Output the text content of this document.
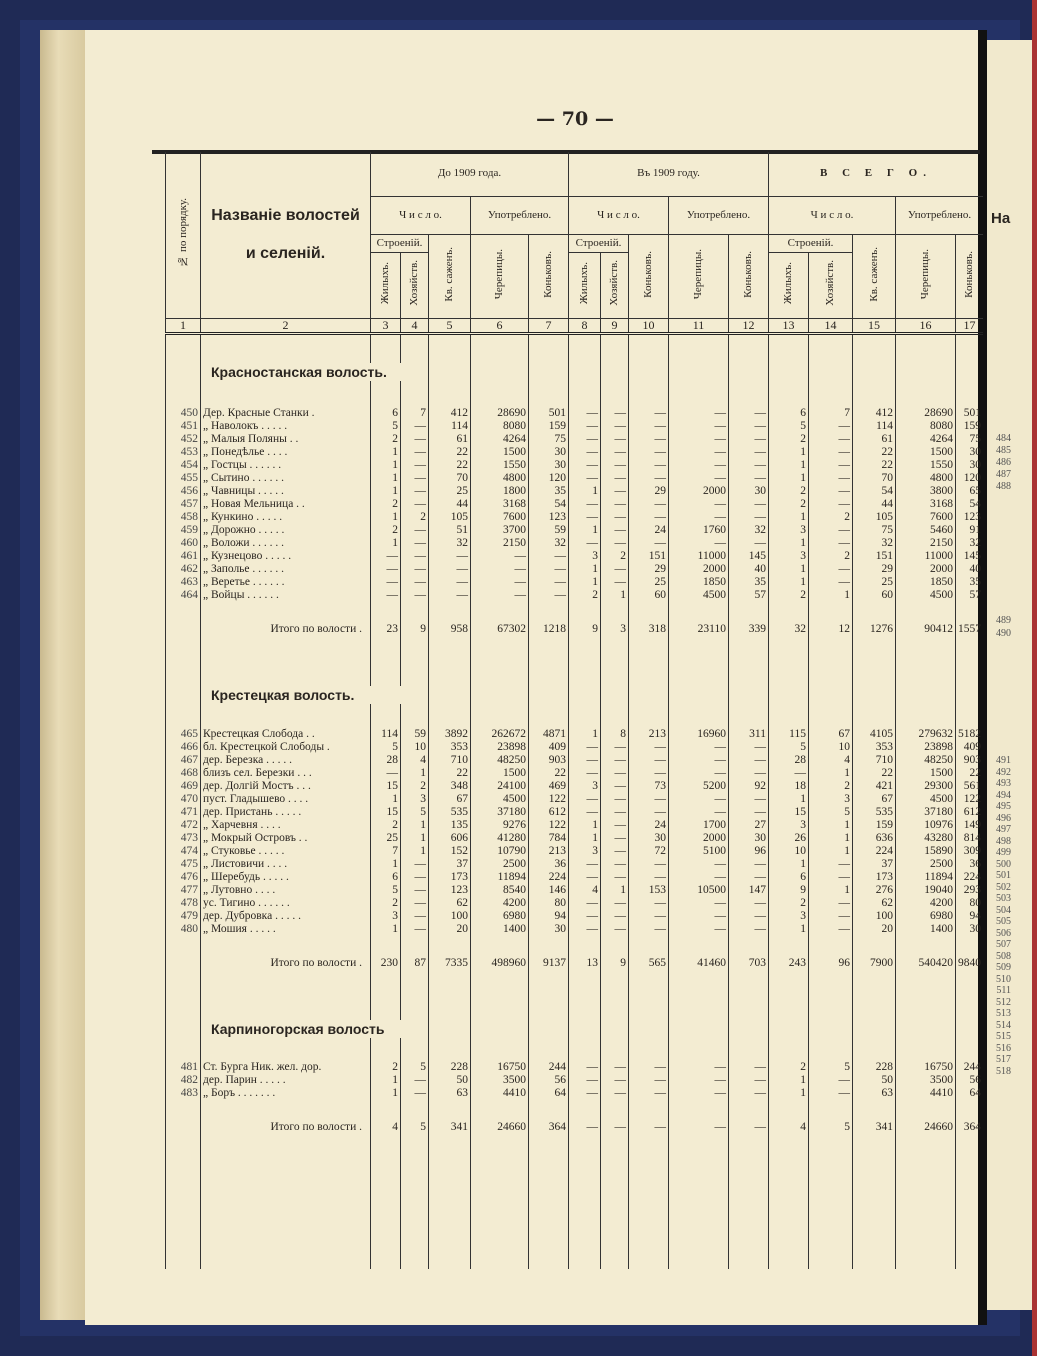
На
484
485
486
487
488
489
490
491
492
493
494
495
496
497
498
499
500
501
502
503
504
505
506
507
508
509
510
511
512
513
514
515
516
517
518
— 70 —
№ по порядку.	Названіе волостей
и селеній.	До 1909 года.					Въ 1909 году.					В С Е Г О.				
		Ч и с л о.			Употреблено.		Ч и с л о.			Употреблено.		Ч и с л о.			Употреблено.	
		Строеній.		Кв. саженъ.	Черепицы.	Коньковъ.	Строеній.		Коньковъ.	Черепицы.	Коньковъ.	Строеній.		Кв. саженъ.	Черепицы.	Коньковъ.
		Жилыхъ.	Хозяйств.				Жилыхъ.	Хозяйств.				Жилыхъ.	Хозяйств.			
1	2	3	4	5	6	7	8	9	10	11	12	13	14	15	16	17

	Красностанская волость.															

450	Дер. Красные Станки .	6	7	412	28690	501	—	—	—	—	—	6	7	412	28690	501
451	„ Наволокъ . . . . .	5	—	114	8080	159	—	—	—	—	—	5	—	114	8080	159
452	„ Малыя Поляны . .	2	—	61	4264	75	—	—	—	—	—	2	—	61	4264	75
453	„ Понедѣлье . . . .	1	—	22	1500	30	—	—	—	—	—	1	—	22	1500	30
454	„ Гостцы . . . . . .	1	—	22	1550	30	—	—	—	—	—	1	—	22	1550	30
455	„ Сытино . . . . . .	1	—	70	4800	120	—	—	—	—	—	1	—	70	4800	120
456	„ Чавницы . . . . .	1	—	25	1800	35	1	—	29	2000	30	2	—	54	3800	65
457	„ Новая Мельница . .	2	—	44	3168	54	—	—	—	—	—	2	—	44	3168	54
458	„ Кункино . . . . .	1	2	105	7600	123	—	—	—	—	—	1	2	105	7600	123
459	„ Дорожно . . . . .	2	—	51	3700	59	1	—	24	1760	32	3	—	75	5460	91
460	„ Воложи . . . . . .	1	—	32	2150	32	—	—	—	—	—	1	—	32	2150	32
461	„ Кузнецово . . . . .	—	—	—	—	—	3	2	151	11000	145	3	2	151	11000	145
462	„ Заполье . . . . . .	—	—	—	—	—	1	—	29	2000	40	1	—	29	2000	40
463	„ Веретье . . . . . .	—	—	—	—	—	1	—	25	1850	35	1	—	25	1850	35
464	„ Войцы . . . . . .	—	—	—	—	—	2	1	60	4500	57	2	1	60	4500	57

	Итого по волости .	23	9	958	67302	1218	9	3	318	23110	339	32	12	1276	90412	1557

	Крестецкая волость.															

465	Крестецкая Слобода . .	114	59	3892	262672	4871	1	8	213	16960	311	115	67	4105	279632	5182
466	бл. Крестецкой Слободы .	5	10	353	23898	409	—	—	—	—	—	5	10	353	23898	409
467	дер. Березка . . . . .	28	4	710	48250	903	—	—	—	—	—	28	4	710	48250	903
468	близъ сел. Березки . . .	—	1	22	1500	22	—	—	—	—	—	—	1	22	1500	22
469	дер. Долгій Мостъ . . .	15	2	348	24100	469	3	—	73	5200	92	18	2	421	29300	561
470	пуст. Гладышево . . . .	1	3	67	4500	122	—	—	—	—	—	1	3	67	4500	122
471	дер. Пристань . . . . .	15	5	535	37180	612	—	—	—	—	—	15	5	535	37180	612
472	„ Харчевня . . . .	2	1	135	9276	122	1	—	24	1700	27	3	1	159	10976	149
473	„ Мокрый Островъ . .	25	1	606	41280	784	1	—	30	2000	30	26	1	636	43280	814
474	„ Стуковье . . . . .	7	1	152	10790	213	3	—	72	5100	96	10	1	224	15890	309
475	„ Листовичи . . . .	1	—	37	2500	36	—	—	—	—	—	1	—	37	2500	36
476	„ Шеребудь . . . . .	6	—	173	11894	224	—	—	—	—	—	6	—	173	11894	224
477	„ Лутовно . . . .	5	—	123	8540	146	4	1	153	10500	147	9	1	276	19040	293
478	ус. Тигино . . . . . .	2	—	62	4200	80	—	—	—	—	—	2	—	62	4200	80
479	дер. Дубровка . . . . .	3	—	100	6980	94	—	—	—	—	—	3	—	100	6980	94
480	„ Мошия . . . . .	1	—	20	1400	30	—	—	—	—	—	1	—	20	1400	30

	Итого по волости .	230	87	7335	498960	9137	13	9	565	41460	703	243	96	7900	540420	9840

	Карпиногорская волость															

481	Ст. Бурга Ник. жел. дор.	2	5	228	16750	244	—	—	—	—	—	2	5	228	16750	244
482	дер. Парин . . . . .	1	—	50	3500	56	—	—	—	—	—	1	—	50	3500	56
483	„ Боръ . . . . . . .	1	—	63	4410	64	—	—	—	—	—	1	—	63	4410	64

	Итого по волости .	4	5	341	24660	364	—	—	—	—	—	4	5	341	24660	364
